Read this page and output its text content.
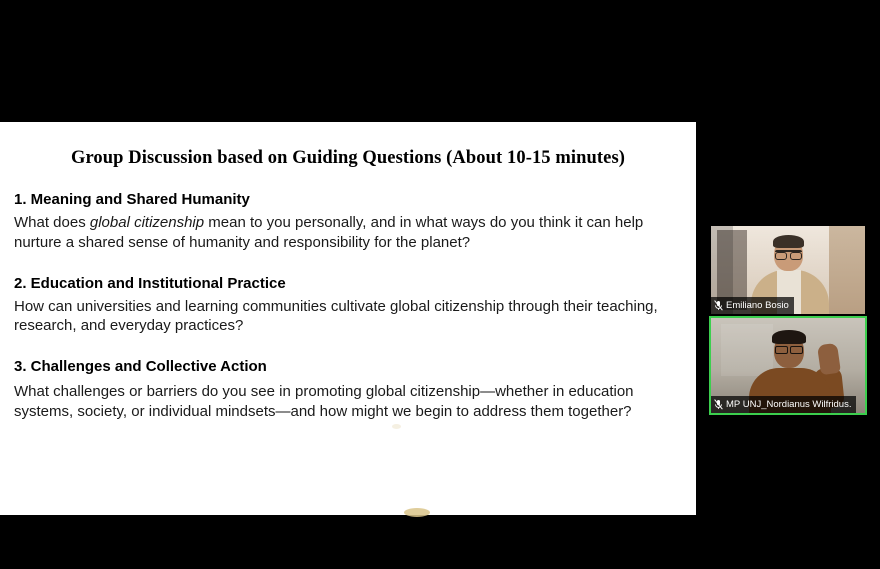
Group Discussion based on Guiding Questions (About 10-15 minutes)

1. Meaning and Shared Humanity

What does global citizenship mean to you personally, and in what ways do you think it can help nurture a shared sense of humanity and responsibility for the planet?

2. Education and Institutional Practice

How can universities and learning communities cultivate global citizenship through their teaching, research, and everyday practices?

3. Challenges and Collective Action

What challenges or barriers do you see in promoting global citizenship—whether in education systems, society, or individual mindsets—and how might we begin to address them together?

Emiliano Bosio
MP UNJ_Nordianus Wilfridus.
